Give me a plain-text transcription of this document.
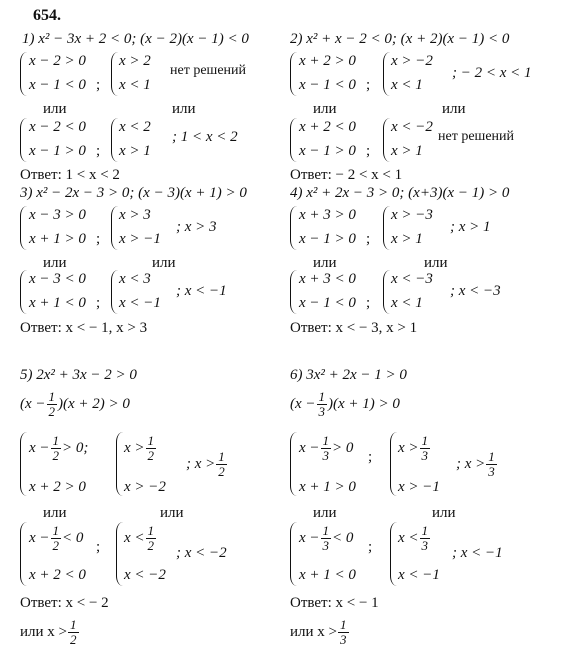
654.
1) x² − 3x + 2 < 0; (x − 2)(x − 1) < 0
x − 2 > 0
x − 1 < 0 ;
x > 2
x < 1
нет решений
или	или
x − 2 < 0
x − 1 > 0 ;
x < 2
x > 1
; 1 < x < 2
Ответ: 1 < x < 2
2) x² + x − 2 < 0; (x + 2)(x − 1) < 0
x + 2 > 0
x − 1 < 0 ;
x > −2
x < 1
; − 2 < x < 1
или	или
x + 2 < 0
x − 1 > 0 ;
x < −2
x > 1
нет решений
Ответ: − 2 < x < 1
3) x² − 2x − 3 > 0; (x − 3)(x + 1) > 0
x − 3 > 0
x + 1 > 0 ;
x > 3
x > −1
; x > 3
или	или
x − 3 < 0
x + 1 < 0 ;
x < 3
x < −1
; x < −1
Ответ: x < − 1, x > 3
4) x² + 2x − 3 > 0; (x+3)(x − 1) > 0
x + 3 > 0
x − 1 > 0 ;
x > −3
x > 1
; x > 1
или	или
x + 3 < 0
x − 1 < 0 ;
x < −3
x < 1
; x < −3
Ответ: x < − 3, x > 1
5) 2x² + 3x − 2 > 0
$(x - \frac{1}{2} )(x + 2) > 0$
$x - \frac{1}{2} > 0$;
x + 2 > 0
$x > \frac{1}{2}$
x > −2
; $x > \frac{1}{2}$
или	или
$x - \frac{1}{2} < 0$
x + 2 < 0
;
$x < \frac{1}{2}$
x < −2
; x < −2
Ответ: x < − 2
или $x > \frac{1}{2}$
6) 3x² + 2x − 1 > 0
$(x - \frac{1}{3} )(x + 1) > 0$
$x - \frac{1}{3} > 0$
x + 1 > 0
;
$x > \frac{1}{3}$
x > −1
; $x > \frac{1}{3}$
или	или
$x - \frac{1}{3} < 0$
x + 1 < 0
;
$x < \frac{1}{3}$
x < −1
; x < −1
Ответ: x < − 1
или $x > \frac{1}{3}$
